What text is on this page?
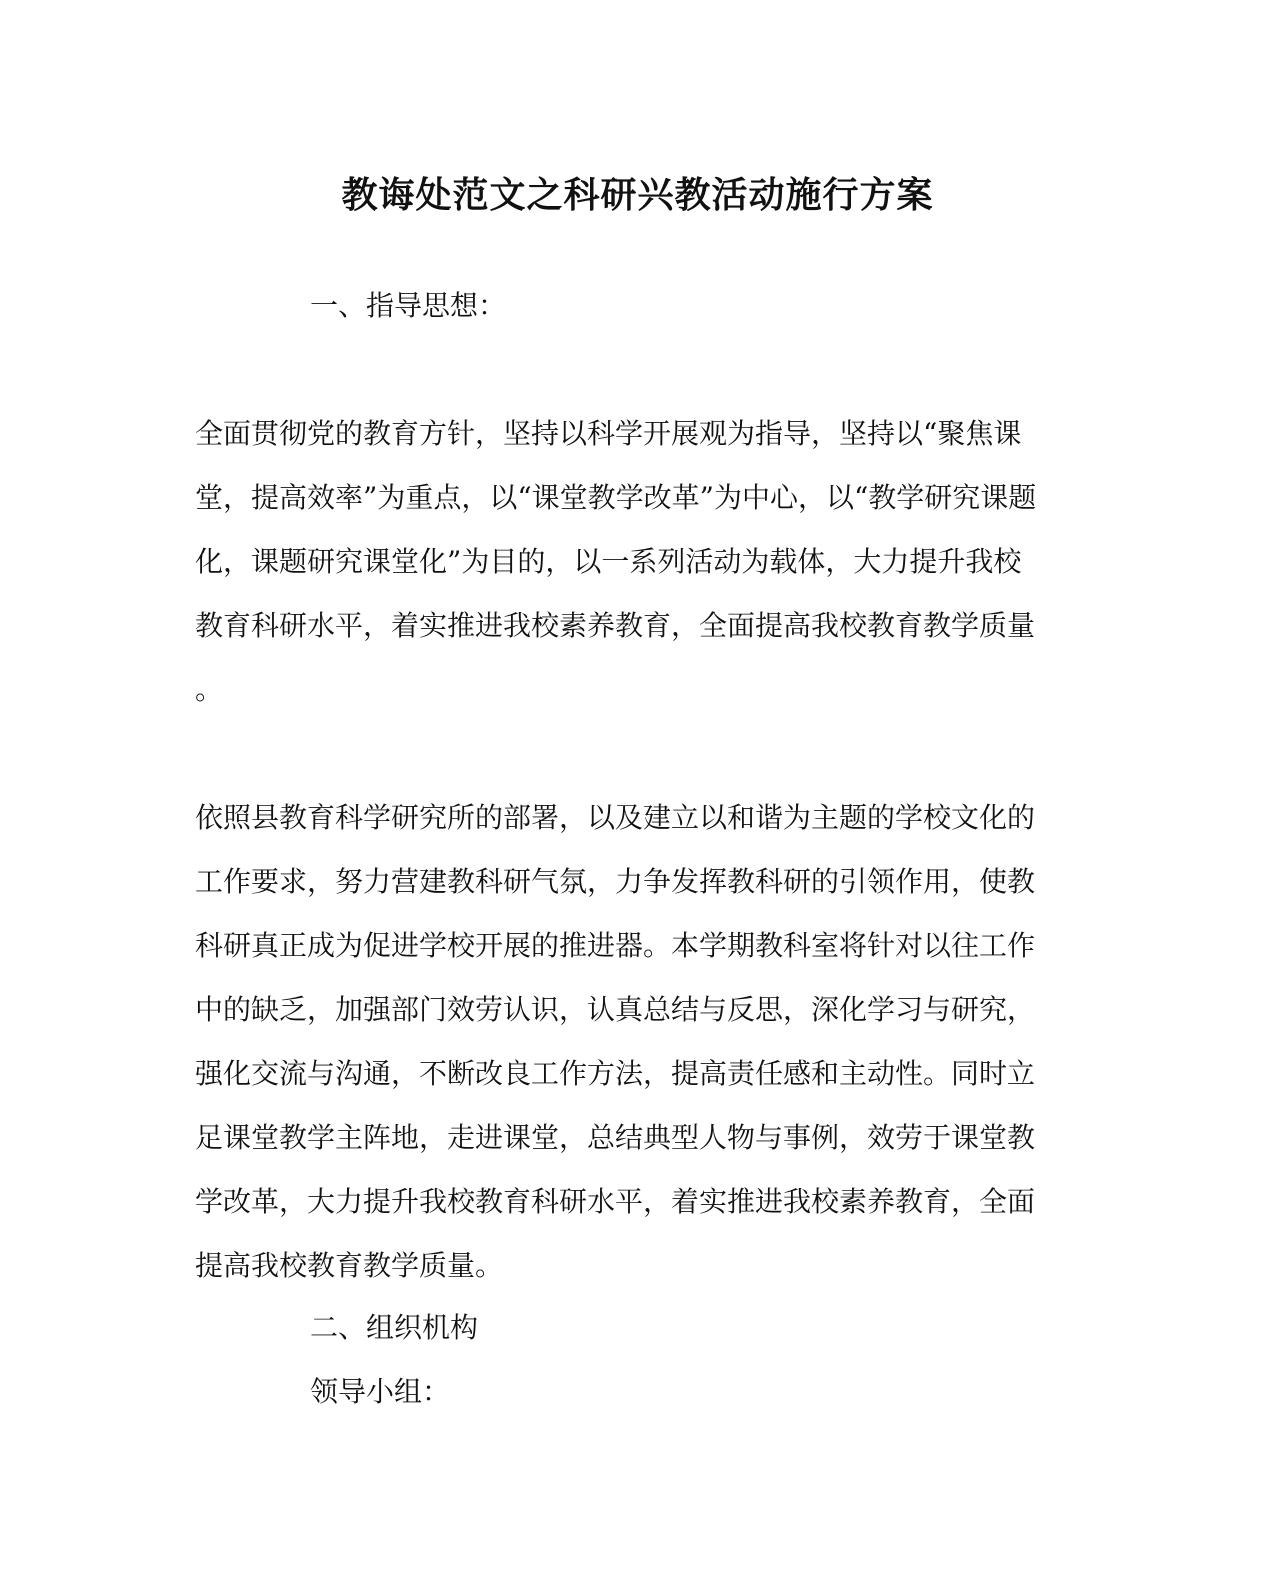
教诲处范文之科研兴教活动施行方案

一、指导思想：

全面贯彻党的教育方针，坚持以科学开展观为指导，坚持以“聚焦课
堂，提高效率”为重点，以“课堂教学改革”为中心，以“教学研究课题
化，课题研究课堂化”为目的，以一系列活动为载体，大力提升我校
教育科研水平，着实推进我校素养教育，全面提高我校教育教学质量
。
依照县教育科学研究所的部署，以及建立以和谐为主题的学校文化的
工作要求，努力营建教科研气氛，力争发挥教科研的引领作用，使教
科研真正成为促进学校开展的推进器。本学期教科室将针对以往工作
中的缺乏，加强部门效劳认识，认真总结与反思，深化学习与研究，
强化交流与沟通，不断改良工作方法，提高责任感和主动性。同时立
足课堂教学主阵地，走进课堂，总结典型人物与事例，效劳于课堂教
学改革，大力提升我校教育科研水平，着实推进我校素养教育，全面
提高我校教育教学质量。

二、组织机构

领导小组：
